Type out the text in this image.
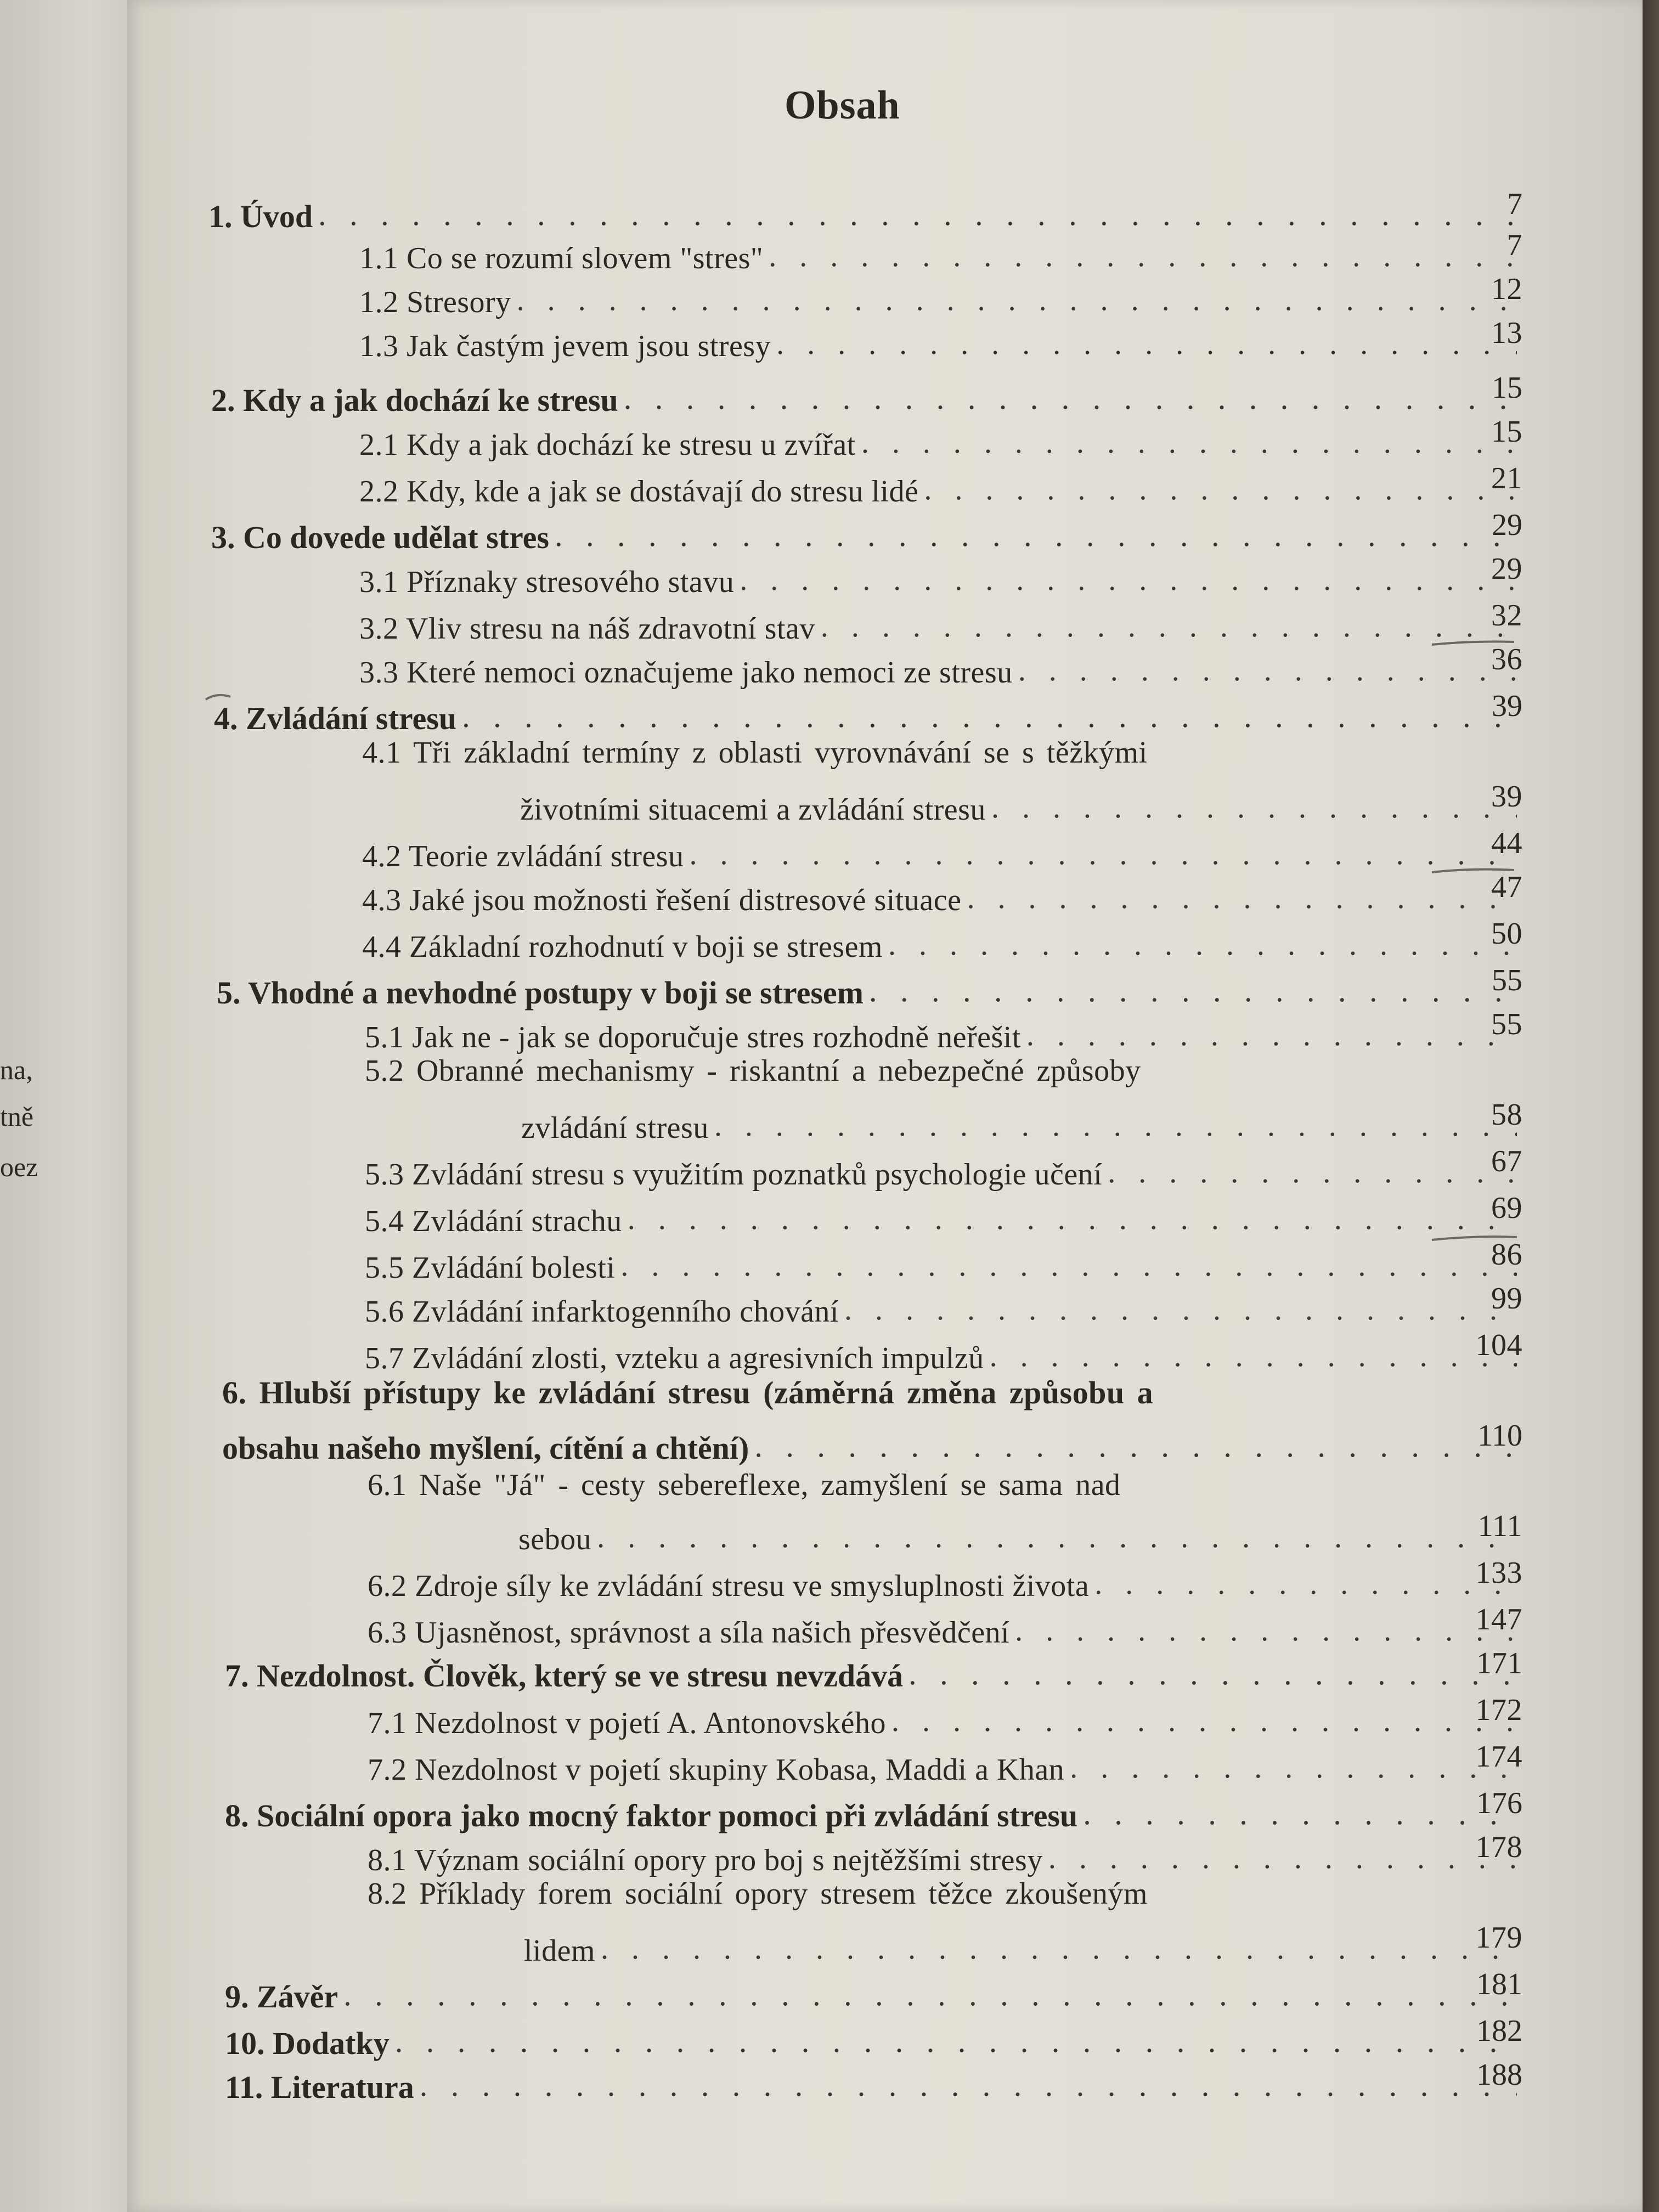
na,
tně
oez
Obsah
1. Úvod . . .	7
1.1 Co se rozumí slovem "stres" . . .	7
1.2 Stresory . . .	12
1.3 Jak častým jevem jsou stresy . . .	13
2. Kdy a jak dochází ke stresu . . .	15
2.1 Kdy a jak dochází ke stresu u zvířat . . .	15
2.2 Kdy, kde a jak se dostávají do stresu lidé . . .	21
3. Co dovede udělat stres . . .	29
3.1 Příznaky stresového stavu . . .	29
3.2 Vliv stresu na náš zdravotní stav . . .	32
3.3 Které nemoci označujeme jako nemoci ze stresu . . .	36
4. Zvládání stresu . . .	39
4.1 Tři základní termíny z oblasti vyrovnávání se s těžkými
životními situacemi a zvládání stresu . . .	39
4.2 Teorie zvládání stresu . . .	44
4.3 Jaké jsou možnosti řešení distresové situace . . .	47
4.4 Základní rozhodnutí v boji se stresem . . .	50
5. Vhodné a nevhodné postupy v boji se stresem . . .	55
5.1 Jak ne - jak se doporučuje stres rozhodně neřešit . . .	55
5.2 Obranné mechanismy - riskantní a nebezpečné způsoby
zvládání stresu . . .	58
5.3 Zvládání stresu s využitím poznatků psychologie učení . . .	67
5.4 Zvládání strachu . . .	69
5.5 Zvládání bolesti . . .	86
5.6 Zvládání infarktogenního chování . . .	99
5.7 Zvládání zlosti, vzteku a agresivních impulzů . . .	104
6. Hlubší přístupy ke zvládání stresu (záměrná změna způsobu a
obsahu našeho myšlení, cítění a chtění) . . .	110
6.1 Naše "Já" - cesty sebereflexe, zamyšlení se sama nad
sebou . . .	111
6.2 Zdroje síly ke zvládání stresu ve smysluplnosti života . . .	133
6.3 Ujasněnost, správnost a síla našich přesvědčení . . .	147
7. Nezdolnost. Člověk, který se ve stresu nevzdává . . .	171
7.1 Nezdolnost v pojetí A. Antonovského . . .	172
7.2 Nezdolnost v pojetí skupiny Kobasa, Maddi a Khan . . .	174
8. Sociální opora jako mocný faktor pomoci při zvládání stresu . . .	176
8.1 Význam sociální opory pro boj s nejtěžšími stresy . . .	178
8.2 Příklady forem sociální opory stresem těžce zkoušeným
lidem . . .	179
9. Závěr . . .	181
10. Dodatky . . .	182
11. Literatura . . .	188
